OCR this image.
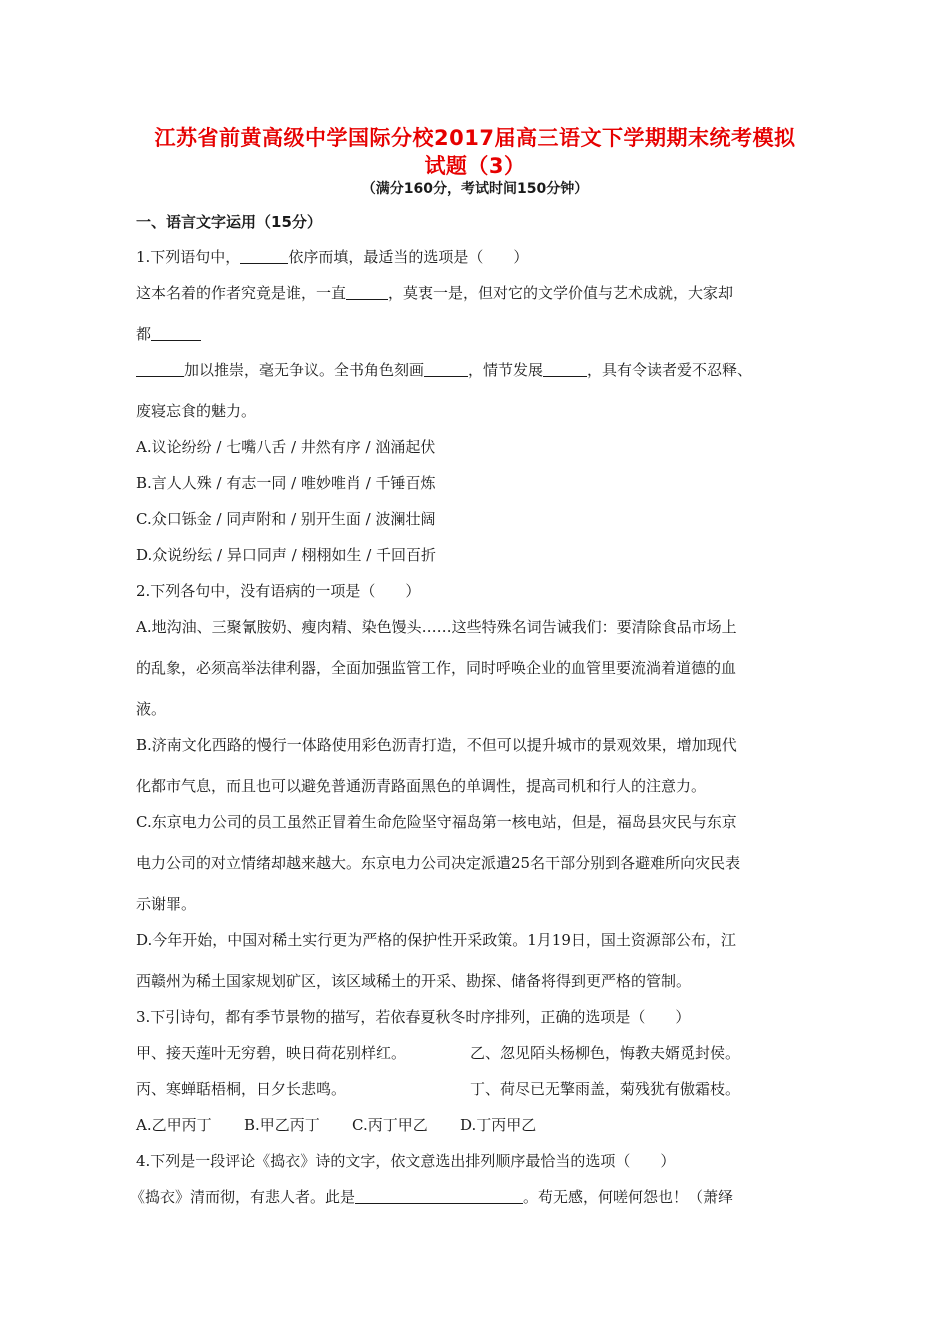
江苏省前黄高级中学国际分校2017届高三语文下学期期末统考模拟
试题（3）
（满分160分，考试时间150分钟）
一、语言文字运用（15分）
1.下列语句中，	依序而填，最适当的选项是（　　）
这本名着的作者究竟是谁，一直	，莫衷一是，但对它的文学价值与艺术成就，大家却
都
加以推崇，毫无争议。全书角色刻画	，情节发展	，具有令读者爱不忍释、
废寝忘食的魅力。
A.议论纷纷 / 七嘴八舌 / 井然有序 / 汹涌起伏
B.言人人殊 / 有志一同 / 唯妙唯肖 / 千锤百炼
C.众口铄金 / 同声附和 / 别开生面 / 波澜壮阔
D.众说纷纭 / 异口同声 / 栩栩如生 / 千回百折
2.下列各句中，没有语病的一项是（　　）
A.地沟油、三聚氰胺奶、瘦肉精、染色馒头……这些特殊名词告诫我们：要清除食品市场上
的乱象，必须高举法律利器，全面加强监管工作，同时呼唤企业的血管里要流淌着道德的血
液。
B.济南文化西路的慢行一体路使用彩色沥青打造，不但可以提升城市的景观效果，增加现代
化都市气息，而且也可以避免普通沥青路面黑色的单调性，提高司机和行人的注意力。
C.东京电力公司的员工虽然正冒着生命危险坚守福岛第一核电站，但是，福岛县灾民与东京
电力公司的对立情绪却越来越大。东京电力公司决定派遣25名干部分别到各避难所向灾民表
示谢罪。
D.今年开始，中国对稀土实行更为严格的保护性开采政策。1月19日，国土资源部公布，江
西赣州为稀土国家规划矿区，该区域稀土的开采、勘探、储备将得到更严格的管制。
3.下引诗句，都有季节景物的描写，若依春夏秋冬时序排列，正确的选项是（　　）
甲、接天莲叶无穷碧，映日荷花别样红。	乙、忽见陌头杨柳色，悔教夫婿觅封侯。
丙、寒蝉聒梧桐，日夕长悲鸣。	丁、荷尽已无擎雨盖，菊残犹有傲霜枝。
A.乙甲丙丁 B.甲乙丙丁 C.丙丁甲乙 D.丁丙甲乙
4.下列是一段评论《捣衣》诗的文字，依文意选出排列顺序最恰当的选项（　　）
《捣衣》清而彻，有悲人者。此是	。苟无感，何嗟何怨也！（萧绎
